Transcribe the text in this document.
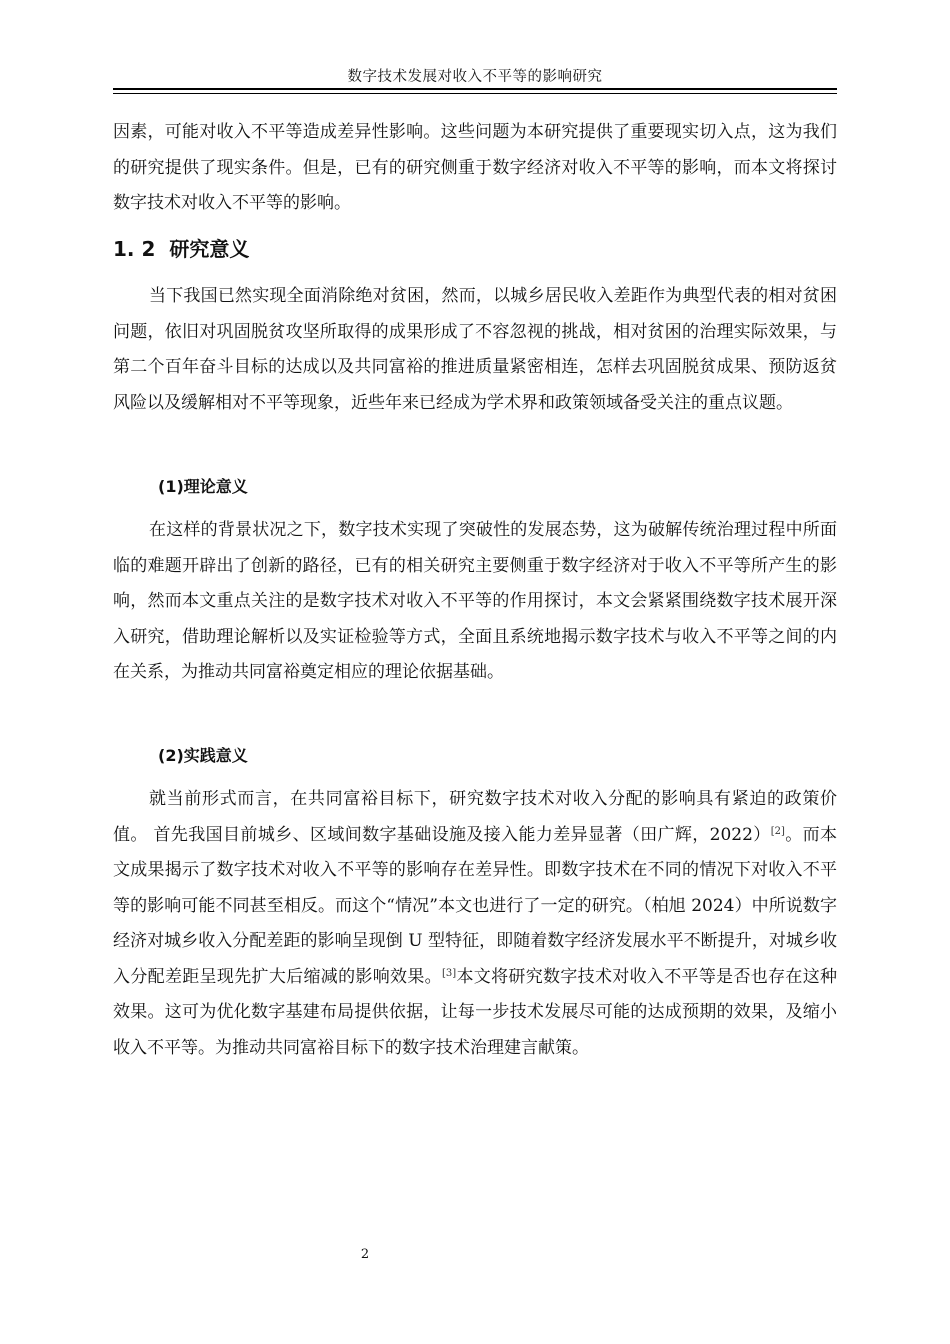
数字技术发展对收入不平等的影响研究

因素，可能对收入不平等造成差异性影响。这些问题为本研究提供了重要现实切入点，这为我们的研究提供了现实条件。但是，已有的研究侧重于数字经济对收入不平等的影响，而本文将探讨数字技术对收入不平等的影响。

1. 2 研究意义

当下我国已然实现全面消除绝对贫困，然而，以城乡居民收入差距作为典型代表的相对贫困问题，依旧对巩固脱贫攻坚所取得的成果形成了不容忽视的挑战，相对贫困的治理实际效果，与第二个百年奋斗目标的达成以及共同富裕的推进质量紧密相连，怎样去巩固脱贫成果、预防返贫风险以及缓解相对不平等现象，近些年来已经成为学术界和政策领域备受关注的重点议题。

(1)理论意义

在这样的背景状况之下，数字技术实现了突破性的发展态势，这为破解传统治理过程中所面临的难题开辟出了创新的路径，已有的相关研究主要侧重于数字经济对于收入不平等所产生的影响，然而本文重点关注的是数字技术对收入不平等的作用探讨，本文会紧紧围绕数字技术展开深入研究，借助理论解析以及实证检验等方式，全面且系统地揭示数字技术与收入不平等之间的内在关系，为推动共同富裕奠定相应的理论依据基础。

(2)实践意义

就当前形式而言，在共同富裕目标下，研究数字技术对收入分配的影响具有紧迫的政策价值。 首先我国目前城乡、区域间数字基础设施及接入能力差异显著（田广辉，2022）[2]。而本文成果揭示了数字技术对收入不平等的影响存在差异性。即数字技术在不同的情况下对收入不平等的影响可能不同甚至相反。而这个“情况”本文也进行了一定的研究。（柏旭 2024）中所说数字经济对城乡收入分配差距的影响呈现倒 U 型特征，即随着数字经济发展水平不断提升，对城乡收入分配差距呈现先扩大后缩减的影响效果。[3]本文将研究数字技术对收入不平等是否也存在这种效果。这可为优化数字基建布局提供依据，让每一步技术发展尽可能的达成预期的效果，及缩小收入不平等。为推动共同富裕目标下的数字技术治理建言献策。

2
